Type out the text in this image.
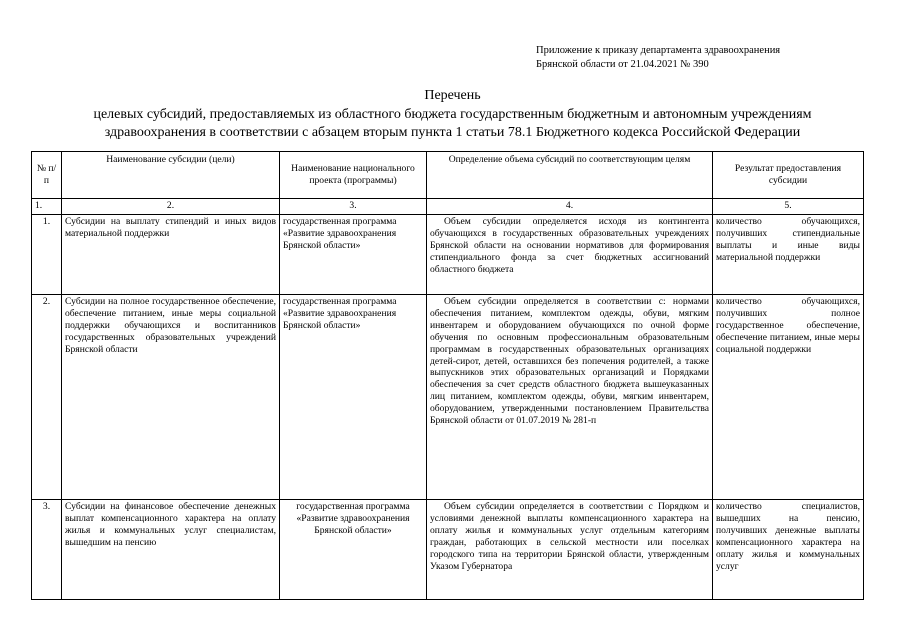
Приложение к приказу департамента здравоохранения
Брянской области от 21.04.2021 № 390
Перечень
целевых субсидий, предоставляемых из областного бюджета государственным бюджетным и автономным учреждениям
здравоохранения в соответствии с абзацем вторым пункта 1 статьи 78.1 Бюджетного кодекса Российской Федерации
№ п/п	Наименование субсидии (цели)	Наименование национального проекта (программы)	Определение объема субсидий по соответствующим целям	Результат предоставления субсидии
1.	2.	3.	4.	5.
1.	Субсидии на выплату стипендий и иных видов материальной поддержки	государственная программа «Развитие здравоохранения Брянской области»	Объем субсидии определяется исходя из контингента обучающихся в государственных образовательных учреждениях Брянской области на основании нормативов для формирования стипендиального фонда за счет бюджетных ассигнований областного бюджета	количество обучающихся, получивших стипендиальные выплаты и иные виды материальной поддержки
2.	Субсидии на полное государственное обеспечение, обеспечение питанием, иные меры социальной поддержки обучающихся и воспитанников государственных образовательных учреждений Брянской области	государственная программа «Развитие здравоохранения Брянской области»	Объем субсидии определяется в соответствии с: нормами обеспечения питанием, комплектом одежды, обуви, мягким инвентарем и оборудованием обучающихся по очной форме обучения по основным профессиональным образовательным программам в государственных образовательных организациях детей-сирот, детей, оставшихся без попечения родителей, а также выпускников этих образовательных организаций и Порядками обеспечения за счет средств областного бюджета вышеуказанных лиц питанием, комплектом одежды, обуви, мягким инвентарем, оборудованием, утвержденными постановлением Правительства Брянской области от 01.07.2019 № 281-п	количество обучающихся, получивших полное государственное обеспечение, обеспечение питанием, иные меры социальной поддержки
3.	Субсидии на финансовое обеспечение денежных выплат компенсационного характера на оплату жилья и коммунальных услуг специалистам, вышедшим на пенсию	государственная программа «Развитие здравоохранения Брянской области»	Объем субсидии определяется в соответствии с Порядком и условиями денежной выплаты компенсационного характера на оплату жилья и коммунальных услуг отдельным категориям граждан, работающих в сельской местности или поселках городского типа на территории Брянской области, утвержденным Указом Губернатора	количество специалистов, вышедших на пенсию, получивших денежные выплаты компенсационного характера на оплату жилья и коммунальных услуг
